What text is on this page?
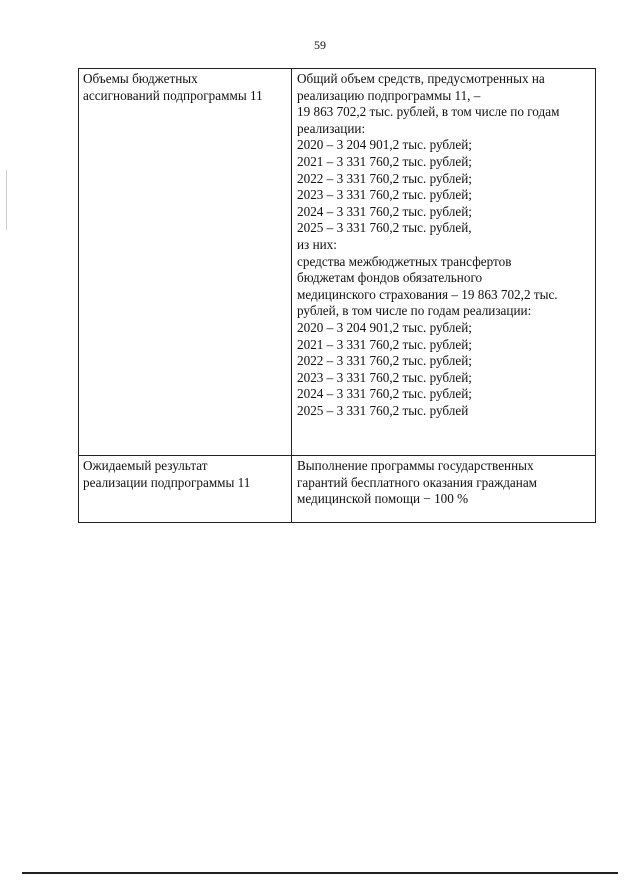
59
Объемы бюджетных
ассигнований подпрограммы 11
Общий объем средств, предусмотренных на
реализацию подпрограммы 11, –
19 863 702,2 тыс. рублей, в том числе по годам
реализации:
2020 – 3 204 901,2 тыс. рублей;
2021 – 3 331 760,2 тыс. рублей;
2022 – 3 331 760,2 тыс. рублей;
2023 – 3 331 760,2 тыс. рублей;
2024 – 3 331 760,2 тыс. рублей;
2025 – 3 331 760,2 тыс. рублей,
из них:
средства межбюджетных трансфертов
бюджетам фондов обязательного
медицинского страхования – 19 863 702,2 тыс.
рублей, в том числе по годам реализации:
2020 – 3 204 901,2 тыс. рублей;
2021 – 3 331 760,2 тыс. рублей;
2022 – 3 331 760,2 тыс. рублей;
2023 – 3 331 760,2 тыс. рублей;
2024 – 3 331 760,2 тыс. рублей;
2025 – 3 331 760,2 тыс. рублей
Ожидаемый результат
реализации подпрограммы 11
Выполнение программы государственных
гарантий бесплатного оказания гражданам
медицинской помощи − 100 %
